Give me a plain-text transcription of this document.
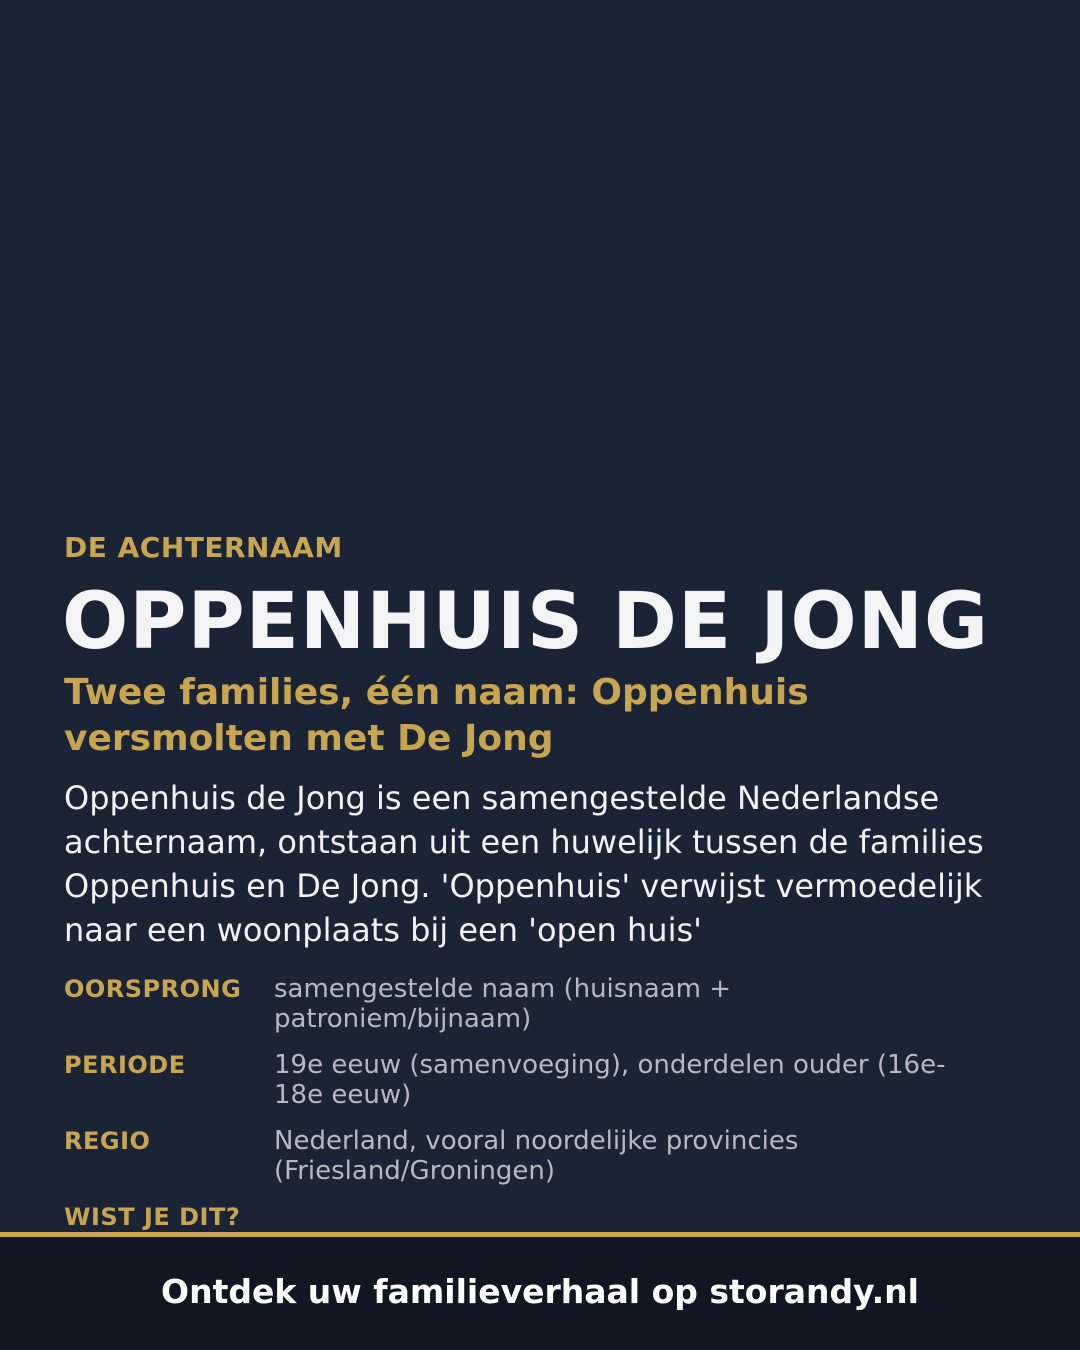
DE ACHTERNAAM

OPPENHUIS DE JONG
Twee families, één naam: Oppenhuis versmolten met De Jong

Oppenhuis de Jong is een samengestelde Nederlandse achternaam, ontstaan uit een huwelijk tussen de families Oppenhuis en De Jong. 'Oppenhuis' verwijst vermoedelijk naar een woonplaats bij een 'open huis'

OORSPRONG	samengestelde naam (huisnaam + patroniem/bijnaam)
PERIODE	19e eeuw (samenvoeging), onderdelen ouder (16e-18e eeuw)
REGIO	Nederland, vooral noordelijke provincies (Friesland/Groningen)
WIST JE DIT?
Ontdek uw familieverhaal op storandy.nl
